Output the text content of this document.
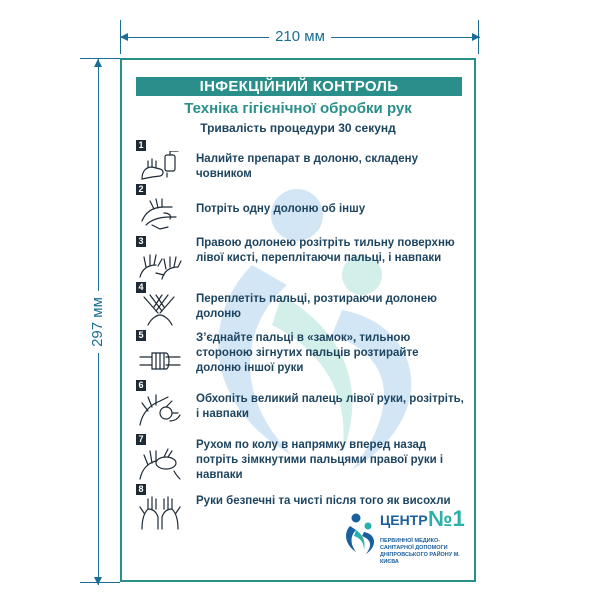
210 мм
297 мм
ІНФЕКЦІЙНИЙ КОНТРОЛЬ
Техніка гігієнічної обробки рук
Тривалість процедури 30 секунд
1
Налийте препарат в долоню, складену човником
2
Потріть одну долоню об іншу
3	Правою долонею розітріть тильну поверхню лівої кисті, переплітаючи пальці, і навпаки
4
Переплетіть пальці, розтираючи долонею долоню
5	З’єднайте пальці в «замок», тильною стороною зігнутих пальців розтирайте долоню іншої руки
6
Обхопіть великий палець лівої руки, розітріть, і навпаки
7	Рухом по колу в напрямку вперед назад потріть зімкнутими пальцями правої руки і навпаки
8
Руки безпечні та чисті після того як висохли
ЦЕНТР №1
ПЕРВИННОЇ МЕДИКО-САНІТАРНОЇ ДОПОМОГИ ДНІПРОВСЬКОГО РАЙОНУ М. КИЄВА
